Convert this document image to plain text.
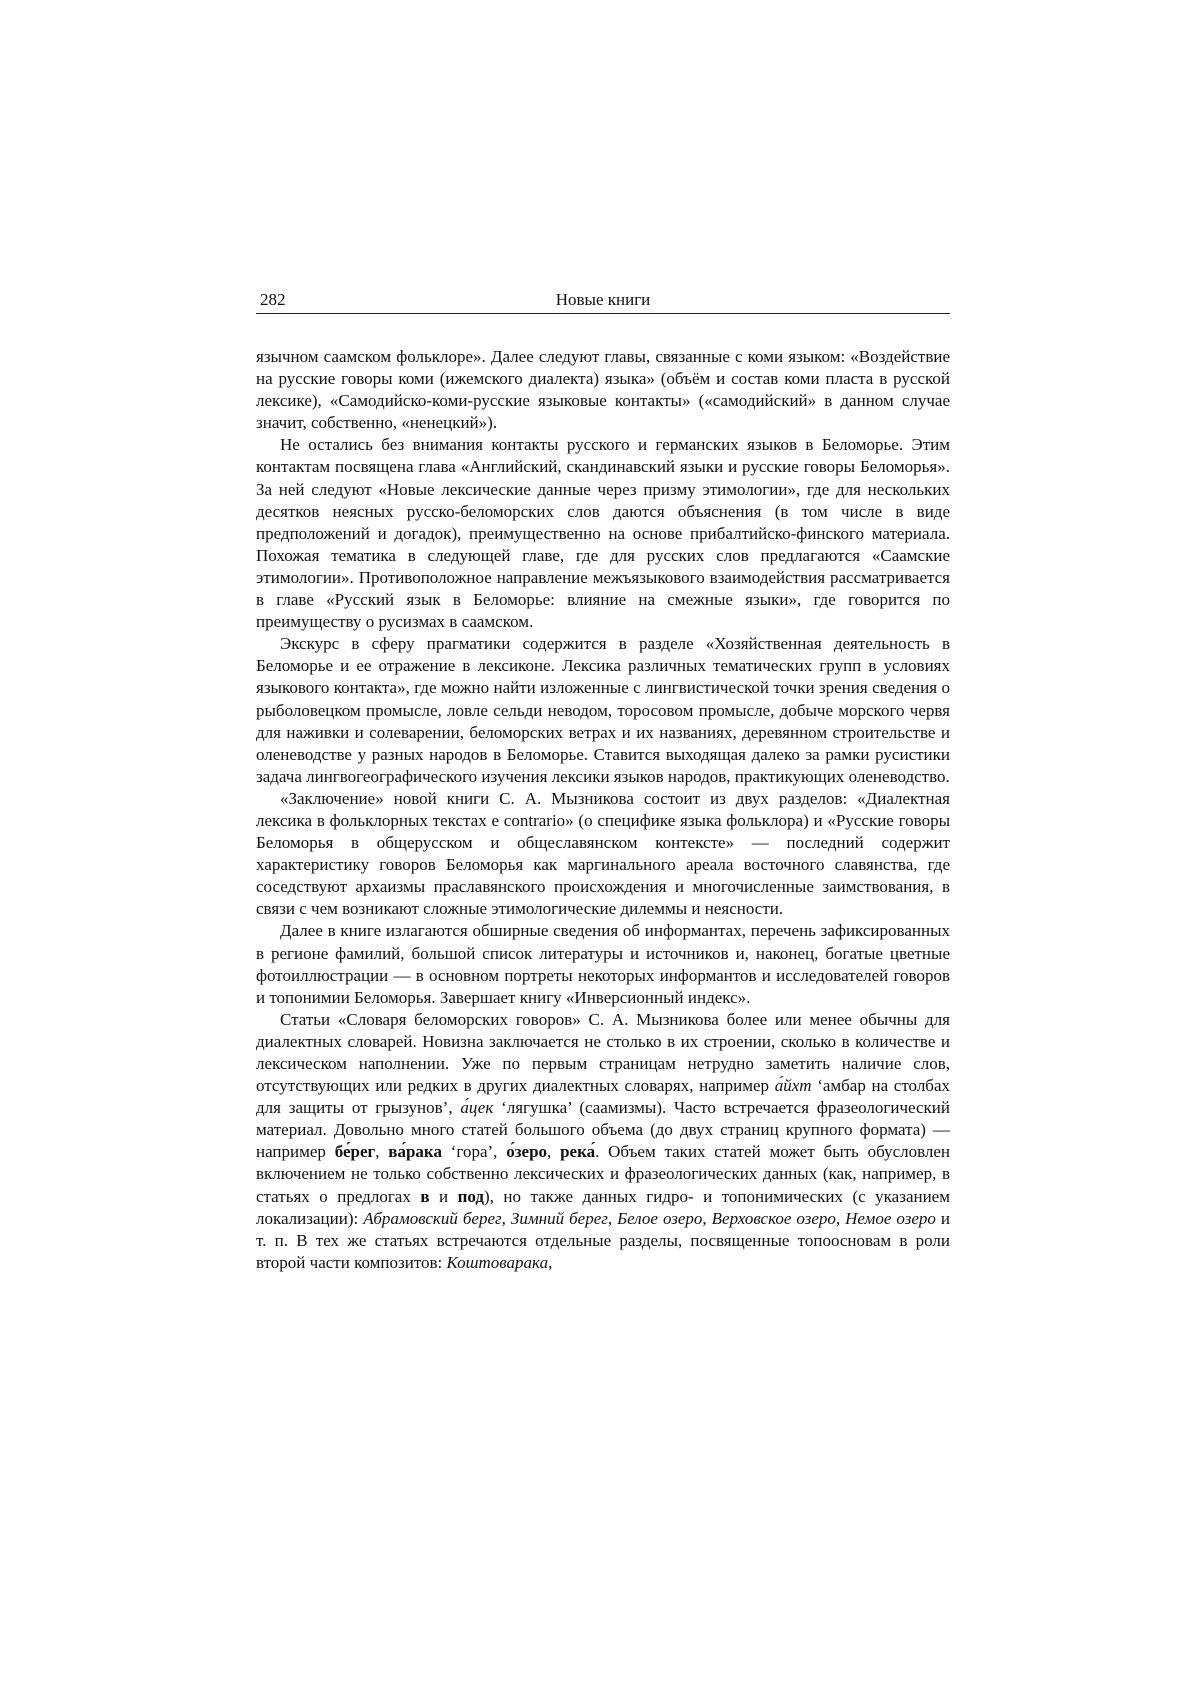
282	Новые книги

язычном саамском фольклоре». Далее следуют главы, связанные с коми языком: «Воздействие на русские говоры коми (ижемского диалекта) языка» (объём и состав коми пласта в русской лексике), «Самодийско-коми-русские языковые контакты» («самодийский» в данном случае значит, собственно, «ненецкий»).

Не остались без внимания контакты русского и германских языков в Беломорье. Этим контактам посвящена глава «Английский, скандинавский языки и русские говоры Беломорья». За ней следуют «Новые лексические данные через призму этимологии», где для нескольких десятков неясных русско-беломорских слов даются объяснения (в том числе в виде предположений и догадок), преимущественно на основе прибалтийско-финского материала. Похожая тематика в следующей главе, где для русских слов предлагаются «Саамские этимологии». Противоположное направление межъязыкового взаимодействия рассматривается в главе «Русский язык в Беломорье: влияние на смежные языки», где говорится по преимуществу о русизмах в саамском.

Экскурс в сферу прагматики содержится в разделе «Хозяйственная деятельность в Беломорье и ее отражение в лексиконе. Лексика различных тематических групп в условиях языкового контакта», где можно найти изложенные с лингвистической точки зрения сведения о рыболовецком промысле, ловле сельди неводом, торосовом промысле, добыче морского червя для наживки и солеварении, беломорских ветрах и их названиях, деревянном строительстве и оленеводстве у разных народов в Беломорье. Ставится выходящая далеко за рамки русистики задача лингвогеографического изучения лексики языков народов, практикующих оленеводство.

«Заключение» новой книги С. А. Мызникова состоит из двух разделов: «Диалектная лексика в фольклорных текстах e contrario» (о специфике языка фольклора) и «Русские говоры Беломорья в общерусском и общеславянском контексте» — последний содержит характеристику говоров Беломорья как маргинального ареала восточного славянства, где соседствуют архаизмы праславянского происхождения и многочисленные заимствования, в связи с чем возникают сложные этимологические дилеммы и неясности.

Далее в книге излагаются обширные сведения об информантах, перечень зафиксированных в регионе фамилий, большой список литературы и источников и, наконец, богатые цветные фотоиллюстрации — в основном портреты некоторых информантов и исследователей говоров и топонимии Беломорья. Завершает книгу «Инверсионный индекс».

Статьи «Словаря беломорских говоров» С. А. Мызникова более или менее обычны для диалектных словарей. Новизна заключается не столько в их строении, сколько в количестве и лексическом наполнении. Уже по первым страницам нетрудно заметить наличие слов, отсутствующих или редких в других диалектных словарях, например а́йхт ‘амбар на столбах для защиты от грызунов’, а́цек ‘лягушка’ (саамизмы). Часто встречается фразеологический материал. Довольно много статей большого объема (до двух страниц крупного формата) — например бе́рег, ва́рака ‘гора’, о́зеро, река́. Объем таких статей может быть обусловлен включением не только собственно лексических и фразеологических данных (как, например, в статьях о предлогах в и под), но также данных гидро- и топонимических (с указанием локализации): Абрамовский берег, Зимний берег, Белое озеро, Верховское озеро, Немое озеро и т. п. В тех же статьях встречаются отдельные разделы, посвященные топоосновам в роли второй части композитов: Коштоварака,
